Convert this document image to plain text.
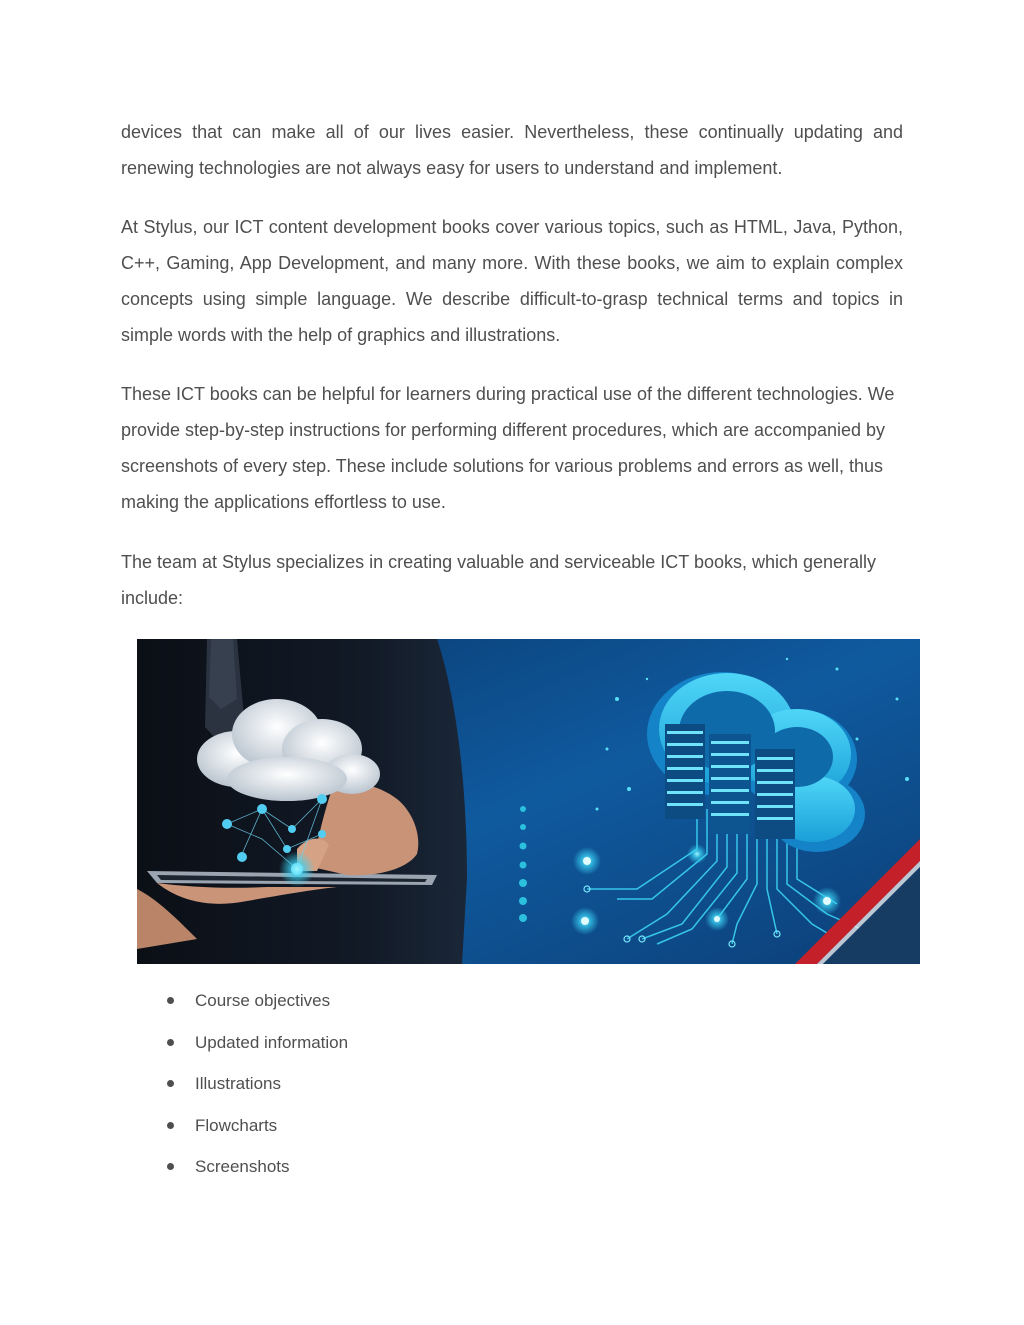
devices that can make all of our lives easier. Nevertheless, these continually updating and renewing technologies are not always easy for users to understand and implement.

At Stylus, our ICT content development books cover various topics, such as HTML, Java, Python, C++, Gaming, App Development, and many more. With these books, we aim to explain complex concepts using simple language. We describe difficult-to-grasp technical terms and topics in simple words with the help of graphics and illustrations.

These ICT books can be helpful for learners during practical use of the different technologies. We provide step-by-step instructions for performing different procedures, which are accompanied by screenshots of every step. These include solutions for various problems and errors as well, thus making the applications effortless to use.

The team at Stylus specializes in creating valuable and serviceable ICT books, which generally include:

Course objectives
Updated information
Illustrations
Flowcharts
Screenshots
